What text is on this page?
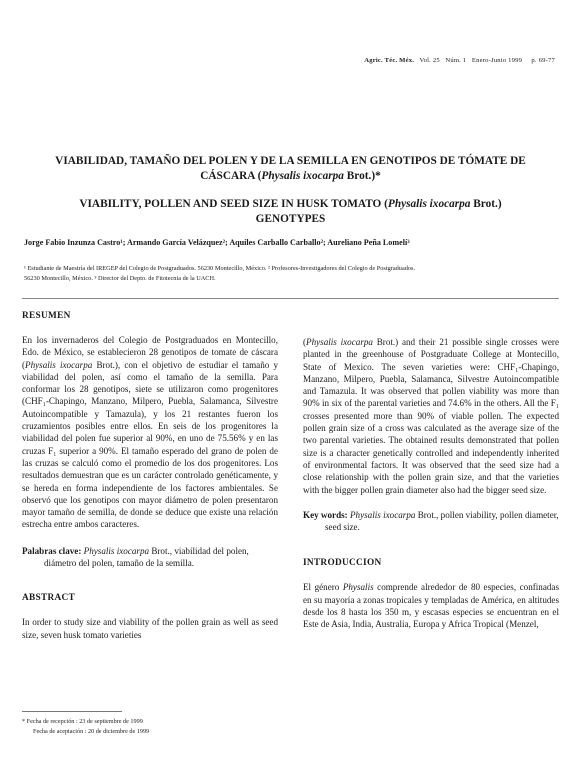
Agric. Téc. Méx. Vol. 25 Núm. 1 Enero-Junio 1999 p. 69-77
VIABILIDAD, TAMAÑO DEL POLEN Y DE LA SEMILLA EN GENOTIPOS DE TÓMATE DE
CÁSCARA (Physalis ixocarpa Brot.)*
VIABILITY, POLLEN AND SEED SIZE IN HUSK TOMATO (Physalis ixocarpa Brot.)
GENOTYPES
Jorge Fabio Inzunza Castro¹; Armando García Velázquez²; Aquiles Carballo Carballo²; Aureliano Peña Lomelí³
¹ Estudiante de Maestría del IREGEP del Colegio de Postgraduados. 56230 Montecillo, México. ² Profesores-Investigadores del Colegio de Postgraduados.
56230 Montecillo, México. ³ Director del Depto. de Fitotecnia de la UACH.
RESUMEN

En los invernaderos del Colegio de Postgraduados en Montecillo, Edo. de México, se establecieron 28 genotipos de tomate de cáscara (Physalis ixocarpa Brot.), con el objetivo de estudiar el tamaño y viabilidad del polen, así como el tamaño de la semilla. Para conformar los 28 genotipos, siete se utilizaron como progenitores (CHF₁-Chapingo, Manzano, Milpero, Puebla, Salamanca, Silvestre Autoincompatible y Tamazula), y los 21 restantes fueron los cruzamientos posibles entre ellos. En seis de los progenitores la viabilidad del polen fue superior al 90%, en uno de 75.56% y en las cruzas F₁ superior a 90%. El tamaño esperado del grano de polen de las cruzas se calculó como el promedio de los dos progenitores. Los resultados demuestran que es un carácter controlado genéticamente, y se hereda en forma independiente de los factores ambientales. Se observó que los genotipos con mayor diámetro de polen presentaron mayor tamaño de semilla, de donde se deduce que existe una relación estrecha entre ambos caracteres.

Palabras clave: Physalis ixocarpa Brot., viabilidad del polen, diámetro del polen, tamaño de la semilla.
ABSTRACT
In order to study size and viability of the pollen grain as well as seed size, seven husk tomato varieties

(Physalis ixocarpa Brot.) and their 21 possible single crosses were planted in the greenhouse of Postgraduate College at Montecillo, State of Mexico. The seven varieties were: CHF₁-Chapingo, Manzano, Milpero, Puebla, Salamanca, Silvestre Autoincompatible and Tamazula. It was observed that pollen viability was more than 90% in six of the parental varieties and 74.6% in the others. All the F₁ crosses presented more than 90% of viable pollen. The expected pollen grain size of a cross was calculated as the average size of the two parental varieties. The obtained results demonstrated that pollen size is a character genetically controlled and independently inherited of environmental factors. It was observed that the seed size had a close relationship with the pollen grain size, and that the varieties with the bigger pollen grain diameter also had the bigger seed size.

Key words: Physalis ixocarpa Brot., pollen viability, pollen diameter, seed size.
INTRODUCCION

El género Physalis comprende alrededor de 80 especies, confinadas en su mayoría a zonas tropicales y templadas de América, en altitudes desde los 8 hasta los 350 m, y escasas especies se encuentran en el Este de Asia, India, Australia, Europa y Africa Tropical (Menzel,

* Fecha de recepción : 23 de septiembre de 1999
Fecha de aceptación : 20 de diciembre de 1999
